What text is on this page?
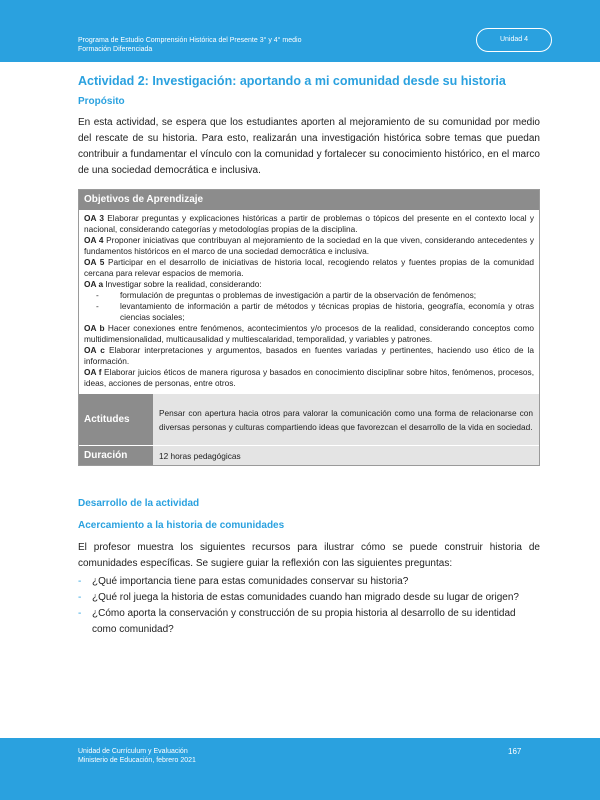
Programa de Estudio Comprensión Histórica del Presente 3° y 4° medio
Formación Diferenciada
Unidad 4
Actividad 2: Investigación: aportando a mi comunidad desde su historia
Propósito
En esta actividad, se espera que los estudiantes aporten al mejoramiento de su comunidad por medio del rescate de su historia. Para esto, realizarán una investigación histórica sobre temas que puedan contribuir a fundamentar el vínculo con la comunidad y fortalecer su conocimiento histórico, en el marco de una sociedad democrática e inclusiva.
Objetivos de Aprendizaje
OA 3 Elaborar preguntas y explicaciones históricas a partir de problemas o tópicos del presente en el contexto local y nacional, considerando categorías y metodologías propias de la disciplina.
OA 4 Proponer iniciativas que contribuyan al mejoramiento de la sociedad en la que viven, considerando antecedentes y fundamentos históricos en el marco de una sociedad democrática e inclusiva.
OA 5 Participar en el desarrollo de iniciativas de historia local, recogiendo relatos y fuentes propias de la comunidad cercana para relevar espacios de memoria.
OA a Investigar sobre la realidad, considerando:
-	formulación de preguntas o problemas de investigación a partir de la observación de fenómenos;
-	levantamiento de información a partir de métodos y técnicas propias de historia, geografía, economía y otras ciencias sociales;
OA b Hacer conexiones entre fenómenos, acontecimientos y/o procesos de la realidad, considerando conceptos como multidimensionalidad, multicausalidad y multiescalaridad, temporalidad, y variables y patrones.
OA c Elaborar interpretaciones y argumentos, basados en fuentes variadas y pertinentes, haciendo uso ético de la información.
OA f Elaborar juicios éticos de manera rigurosa y basados en conocimiento disciplinar sobre hitos, fenómenos, procesos, ideas, acciones de personas, entre otros.
Actitudes
Pensar con apertura hacia otros para valorar la comunicación como una forma de relacionarse con diversas personas y culturas compartiendo ideas que favorezcan el desarrollo de la vida en sociedad.
Duración	12 horas pedagógicas
Desarrollo de la actividad
Acercamiento a la historia de comunidades
El profesor muestra los siguientes recursos para ilustrar cómo se puede construir historia de comunidades específicas. Se sugiere guiar la reflexión con las siguientes preguntas:
-	¿Qué importancia tiene para estas comunidades conservar su historia?
-	¿Qué rol juega la historia de estas comunidades cuando han migrado desde su lugar de origen?
-	¿Cómo aporta la conservación y construcción de su propia historia al desarrollo de su identidad como comunidad?
Unidad de Currículum y Evaluación
Ministerio de Educación, febrero 2021
167
